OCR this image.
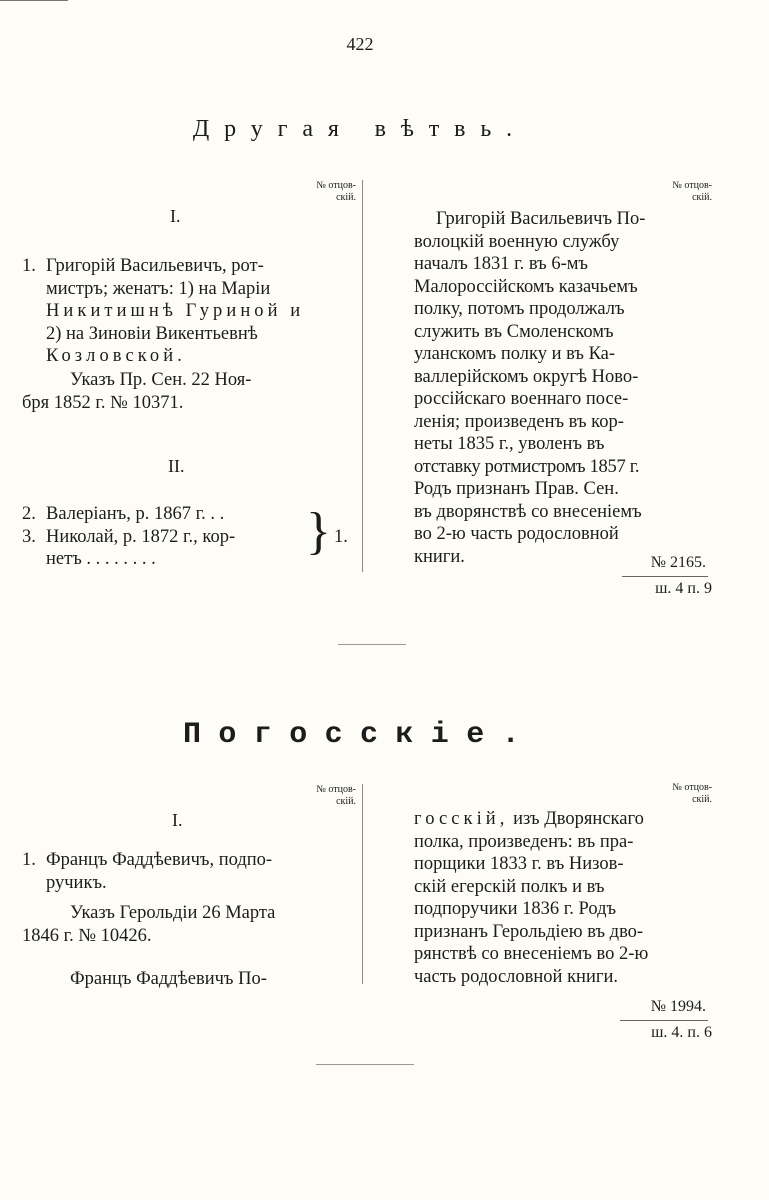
422
Другая вѣтвь.
№ отцов-
скій.
I.
1. Григорій Васильевичъ, рот-

мистръ; женатъ: 1) на Маріи

Никитишнѣ Гуриной и

2) на Зиновіи Викентьевнѣ

Козловской.

Указъ Пр. Сен. 22 Ноя-

бря 1852 г. № 10371.

II.
2. Валеріанъ, р. 1867 г. . .
3. Николай, р. 1872 г., кор-
нетъ . . . . . . . .	} 1.
№ отцов-
скій.

Григорій Васильевичъ По-

волоцкій военную службу

началъ 1831 г. въ 6-мъ

Малороссійскомъ казачьемъ

полку, потомъ продолжалъ

служить въ Смоленскомъ

уланскомъ полку и въ Ка-

валлерійскомъ округѣ Ново-

россійскаго военнаго посе-

ленія; произведенъ въ кор-

неты 1835 г., уволенъ въ

отставку ротмистромъ 1857 г.

Родъ признанъ Прав. Сен.

въ дворянствѣ со внесеніемъ

во 2-ю часть родословной

книги.	№ 2165.
ш. 4 п. 9
Погосскіе.
№ отцов-
скій.
I.
1. Францъ Фаддѣевичъ, подпо-

ручикъ.

Указъ Герольдіи 26 Марта

1846 г. № 10426.

Францъ Фаддѣевичъ По-

№ отцов-
скій.

госскій, изъ Дворянскаго

полка, произведенъ: въ пра-

порщики 1833 г. въ Низов-

скій егерскій полкъ и въ

подпоручики 1836 г. Родъ

признанъ Герольдіею въ дво-

рянствѣ со внесеніемъ во 2-ю

часть родословной книги.

№ 1994.
ш. 4. п. 6
